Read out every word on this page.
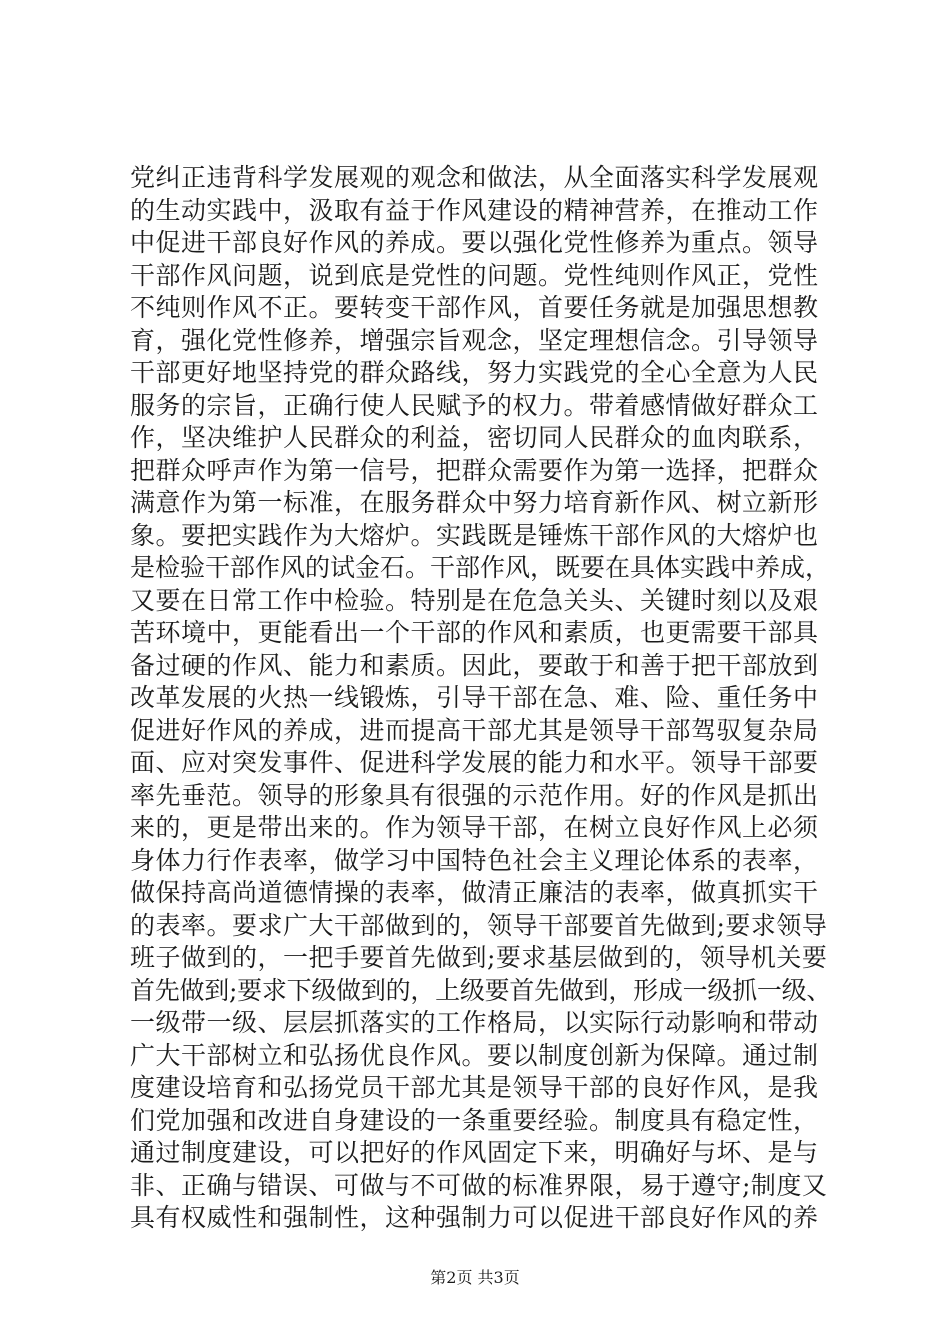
党纠正违背科学发展观的观念和做法，从全面落实科学发展观
的生动实践中，汲取有益于作风建设的精神营养，在推动工作
中促进干部良好作风的养成。要以强化党性修养为重点。领导
干部作风问题，说到底是党性的问题。党性纯则作风正，党性
不纯则作风不正。要转变干部作风，首要任务就是加强思想教
育，强化党性修养，增强宗旨观念，坚定理想信念。引导领导
干部更好地坚持党的群众路线，努力实践党的全心全意为人民
服务的宗旨，正确行使人民赋予的权力。带着感情做好群众工
作，坚决维护人民群众的利益，密切同人民群众的血肉联系，
把群众呼声作为第一信号，把群众需要作为第一选择，把群众
满意作为第一标准，在服务群众中努力培育新作风、树立新形
象。要把实践作为大熔炉。实践既是锤炼干部作风的大熔炉也
是检验干部作风的试金石。干部作风，既要在具体实践中养成，
又要在日常工作中检验。特别是在危急关头、关键时刻以及艰
苦环境中，更能看出一个干部的作风和素质，也更需要干部具
备过硬的作风、能力和素质。因此，要敢于和善于把干部放到
改革发展的火热一线锻炼，引导干部在急、难、险、重任务中
促进好作风的养成，进而提高干部尤其是领导干部驾驭复杂局
面、应对突发事件、促进科学发展的能力和水平。领导干部要
率先垂范。领导的形象具有很强的示范作用。好的作风是抓出
来的，更是带出来的。作为领导干部，在树立良好作风上必须
身体力行作表率，做学习中国特色社会主义理论体系的表率，
做保持高尚道德情操的表率，做清正廉洁的表率，做真抓实干
的表率。要求广大干部做到的，领导干部要首先做到;要求领导
班子做到的，一把手要首先做到;要求基层做到的，领导机关要
首先做到;要求下级做到的，上级要首先做到，形成一级抓一级、
一级带一级、层层抓落实的工作格局，以实际行动影响和带动
广大干部树立和弘扬优良作风。要以制度创新为保障。通过制
度建设培育和弘扬党员干部尤其是领导干部的良好作风，是我
们党加强和改进自身建设的一条重要经验。制度具有稳定性，
通过制度建设，可以把好的作风固定下来，明确好与坏、是与
非、正确与错误、可做与不可做的标准界限，易于遵守;制度又
具有权威性和强制性，这种强制力可以促进干部良好作风的养
第2页 共3页
